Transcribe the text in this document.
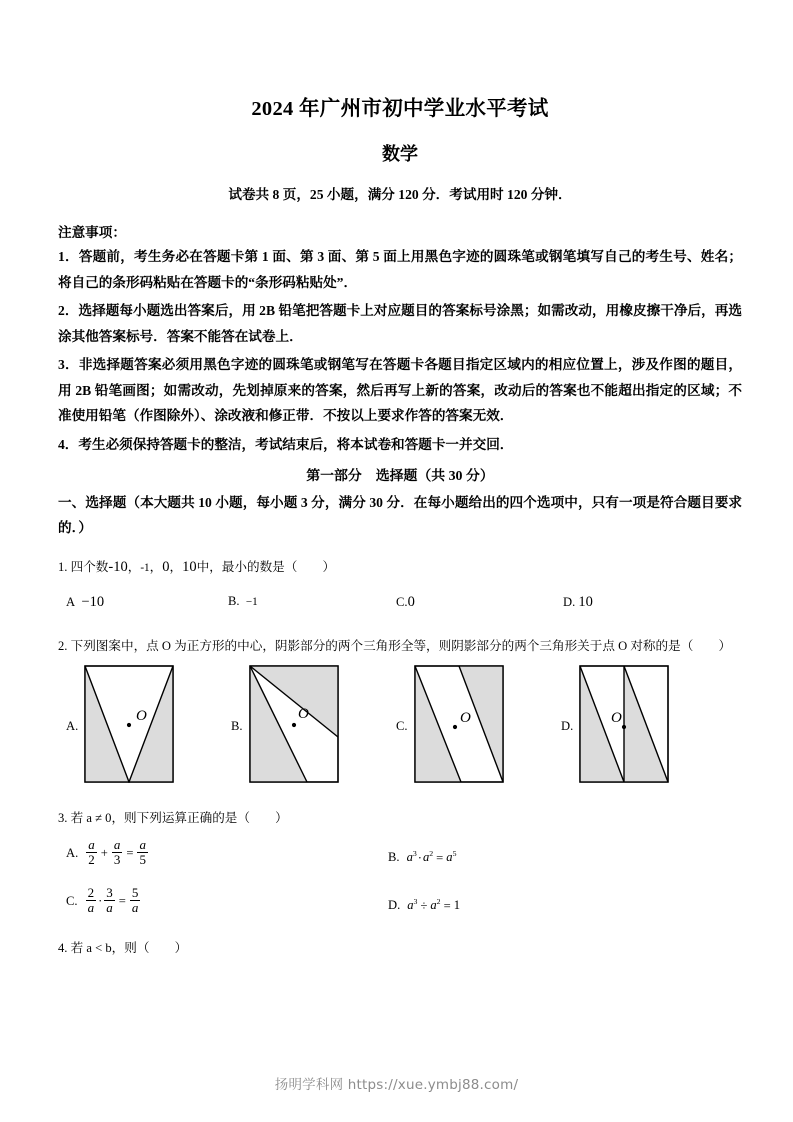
2024 年广州市初中学业水平考试
数学
试卷共 8 页，25 小题，满分 120 分．考试用时 120 分钟．
注意事项：
1．答题前，考生务必在答题卡第 1 面、第 3 面、第 5 面上用黑色字迹的圆珠笔或钢笔填写自己的考生号、姓名；将自己的条形码粘贴在答题卡的“条形码粘贴处”．
2．选择题每小题选出答案后，用 2B 铅笔把答题卡上对应题目的答案标号涂黑；如需改动，用橡皮擦干净后，再选涂其他答案标号．答案不能答在试卷上．
3．非选择题答案必须用黑色字迹的圆珠笔或钢笔写在答题卡各题目指定区域内的相应位置上，涉及作图的题目，用 2B 铅笔画图；如需改动，先划掉原来的答案，然后再写上新的答案，改动后的答案也不能超出指定的区域；不准使用铅笔（作图除外）、涂改液和修正带．不按以上要求作答的答案无效．
4．考生必须保持答题卡的整洁，考试结束后，将本试卷和答题卡一并交回．
第一部分　选择题（共 30 分）
一、选择题（本大题共 10 小题，每小题 3 分，满分 30 分．在每小题给出的四个选项中，只有一项是符合题目要求的．）
1. 四个数-10，-1，0，10中，最小的数是（　　）
A −10	B. −1	C.0	D. 10
2. 下列图案中，点 O 为正方形的中心，阴影部分的两个三角形全等，则阴影部分的两个三角形关于点 O 对称的是（　　）
A.
O
B.
O
C.	O	D.	O
3. 若 a ≠ 0，则下列运算正确的是（　　）
A. $\frac{a}{2} + \frac{a}{3} = \frac{a}{5}$	B. $a^3\cdot a^2 = a^5$
C. $\frac{2}{a} \cdot \frac{3}{a} = \frac{5}{a}$	D. $a^3 \div a^2 = 1$
4. 若 a < b，则（　　）
扬明学科网 https://xue.ymbj88.com/
